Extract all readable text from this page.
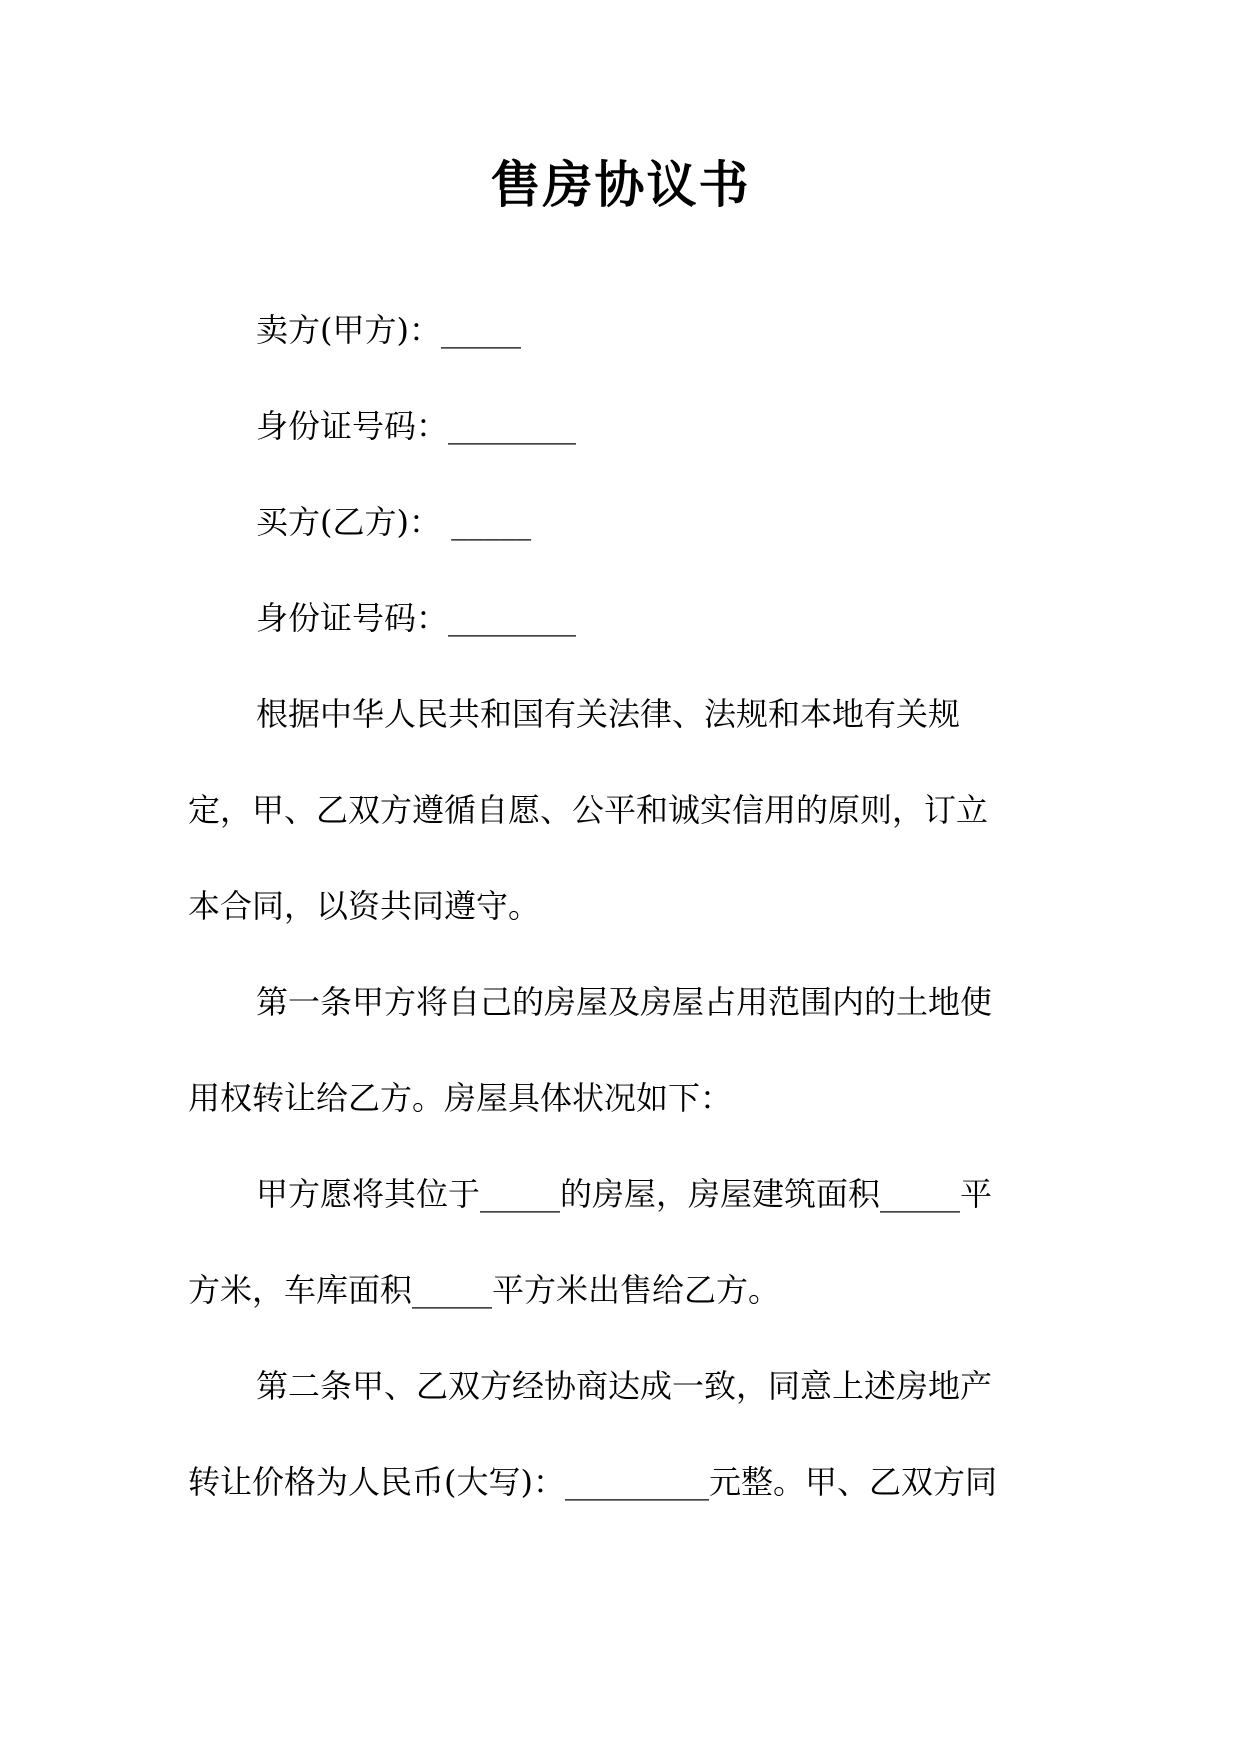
售房协议书

卖方(甲方)：_____

身份证号码：________

买方(乙方)： _____

身份证号码：________

根据中华人民共和国有关法律、法规和本地有关规

定，甲、乙双方遵循自愿、公平和诚实信用的原则，订立

本合同，以资共同遵守。

第一条甲方将自己的房屋及房屋占用范围内的土地使

用权转让给乙方。房屋具体状况如下：

甲方愿将其位于_____的房屋，房屋建筑面积_____平

方米，车库面积_____平方米出售给乙方。

第二条甲、乙双方经协商达成一致，同意上述房地产

转让价格为人民币(大写)：_________元整。甲、乙双方同
